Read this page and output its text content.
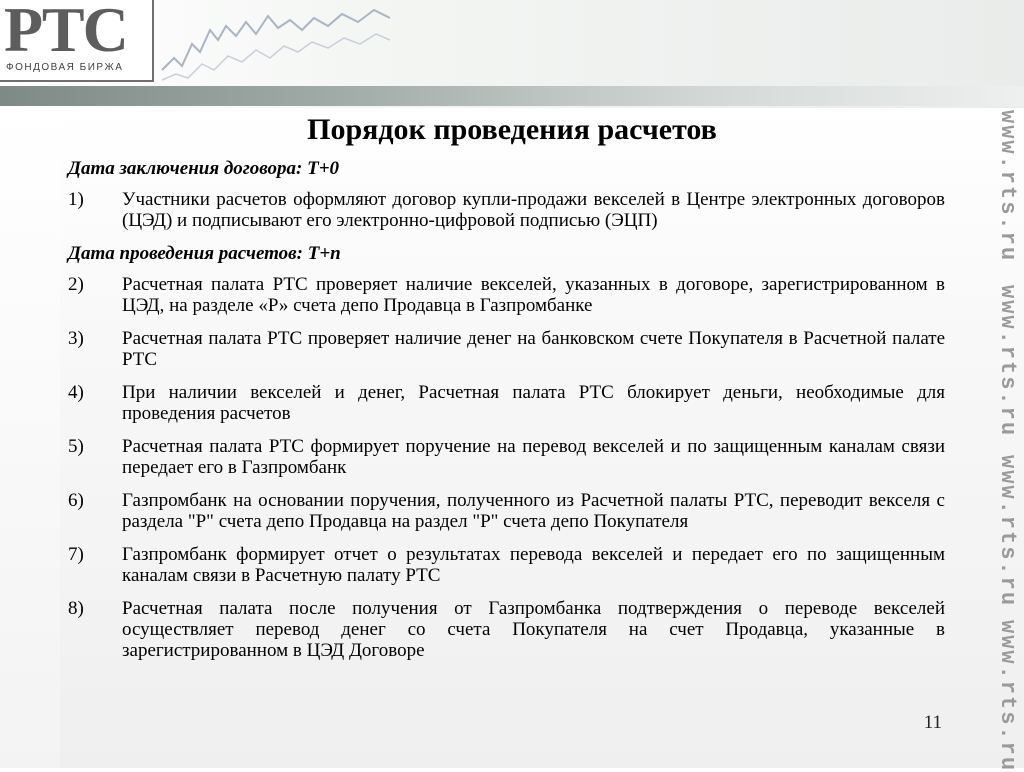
РТС
ФОНДОВАЯ БИРЖА
www.rts.ru
www.rts.ru
www.rts.ru
www.rts.ru
Порядок проведения расчетов
Дата заключения договора: Т+0
1)	Участники расчетов оформляют договор купли-продажи векселей в Центре электронных договоров (ЦЭД) и подписывают его электронно-цифровой подписью (ЭЦП)
Дата проведения расчетов: Т+n
2)	Расчетная палата РТС проверяет наличие векселей, указанных в договоре, зарегистрированном в ЦЭД, на разделе «Р» счета депо Продавца в Газпромбанке
3)	Расчетная палата РТС проверяет наличие денег на банковском счете Покупателя в Расчетной палате РТС
4)	При наличии векселей и денег, Расчетная палата РТС блокирует деньги, необходимые для проведения расчетов
5)	Расчетная палата РТС формирует поручение на перевод векселей и по защищенным каналам связи передает его в Газпромбанк
6)	Газпромбанк на основании поручения, полученного из Расчетной палаты РТС, переводит векселя с раздела "Р" счета депо Продавца на раздел "Р" счета депо Покупателя
7)	Газпромбанк формирует отчет о результатах перевода векселей и передает его по защищенным каналам связи в Расчетную палату РТС
8)	Расчетная палата после получения от Газпромбанка подтверждения о переводе векселей осуществляет перевод денег со счета Покупателя на счет Продавца, указанные в зарегистрированном в ЦЭД Договоре
11
